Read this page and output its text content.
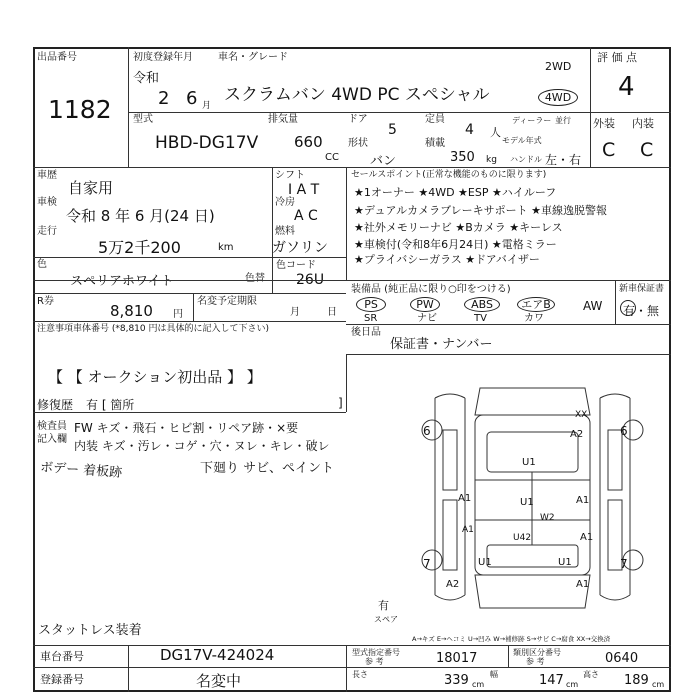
出品番号
1182
初度登録年月
令和
2 6 月
車名・グレード
スクラムバン 4WD PC スペシャル
2WD
4WD
型式
HBD-DG17V
排気量
660
CC
ドア
5
形状
バン
定員
4 人
積載
350 kg
ディーラー 並行
モデル年式
ハンドル 左・右
評 価 点
4
外装 内装
C C
車歴
自家用
車検
令和 8 年 6 月(24 日)
走行
5万2千200	km
シフト
I A T
冷房
A C
燃料
ガソリン
セールスポイント(正常な機能のものに限ります)
★1オーナー ★4WD ★ESP ★ハイルーフ
★デュアルカメラブレーキサポート ★車線逸脱警報
★社外メモリーナビ ★Bカメラ ★キーレス
★車検付(令和8年6月24日) ★電格ミラー
★プライバシーガラス ★ドアバイザー
色
スペリアホワイト	色替
色コード
26U
R券
8,810 円
名変予定期限
月	日
装備品 (純正品に限り○印をつける)
PS	PW	ABS	エアB
SR	ナビ	TV	カワ
AW
新車保証書
有・無
後日品
保証書・ナンバー
注意事項車体番号 (*8,810 円は具体的に記入して下さい)
【 【 オークション初出品 】 】
修復歴 有 [ 箇所	]
検査員
記入欄
FW キズ・飛石・ヒビ割・リペア跡・×要
内装 キズ・汚レ・コゲ・穴・ヌレ・キレ・破レ
ボデー 着板跡	下廻り サビ、ペイント
スタットレス装着
6	6
7	7
A1	A1
U1
U1	U1
A2
A2	A1
A1
U1
XX
W2
A1
U42
有
スペア
A→キズ E→ヘコミ U→凹み W→補修跡 S→サビ C→腐食 XX→交換済
車台番号	DG17V-424024
登録番号	名変中
型式指定番号
参 考	18017	類別区分番号
参 考	0640
長さ	339 cm
幅	147 cm
高さ 189 cm
